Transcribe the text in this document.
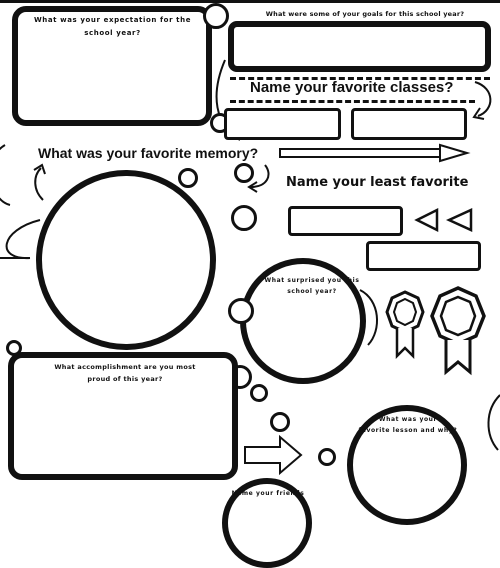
What was your expectation for the
school year?
What were some of your goals for this school year?
Name your favorite classes?
What was your favorite memory?
Name your least favorite
What surprised you this
school year?
What accomplishment are you most
proud of this year?
What was your
favorite lesson and why?
Name your friends
